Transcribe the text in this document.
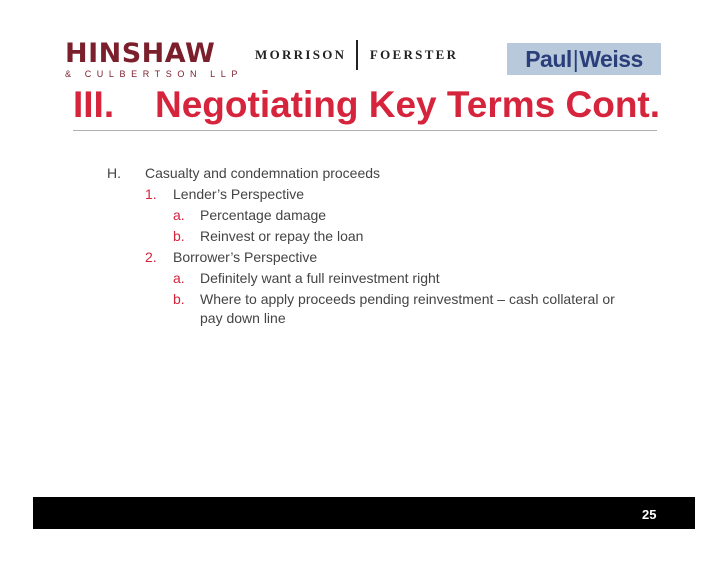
HINSHAW
& CULBERTSON LLP
MORRISON FOERSTER	Paul | Weiss
III. Negotiating Key Terms Cont.
H. Casualty and condemnation proceeds
1. Lender’s Perspective
a. Percentage damage
b. Reinvest or repay the loan
2. Borrower’s Perspective
a. Definitely want a full reinvestment right
b. Where to apply proceeds pending reinvestment – cash collateral or
pay down line
25
